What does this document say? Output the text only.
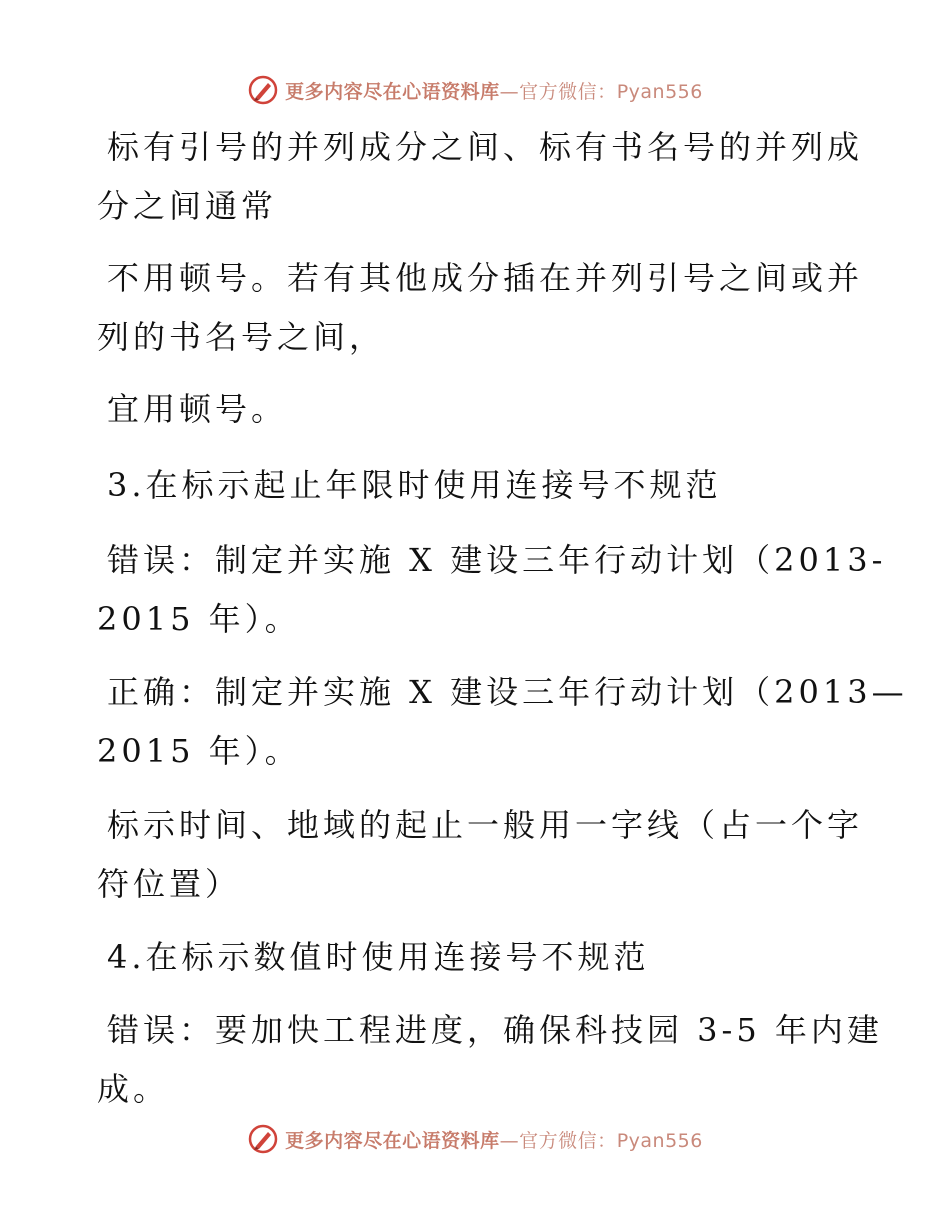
更多内容尽在心语资料库—官方微信：Pyan556
标有引号的并列成分之间、标有书名号的并列成
分之间通常
不用顿号。若有其他成分插在并列引号之间或并
列的书名号之间，
宜用顿号。
3.在标示起止年限时使用连接号不规范
错误：制定并实施 X 建设三年行动计划（2013-
2015 年）。
正确：制定并实施 X 建设三年行动计划（2013—
2015 年）。
标示时间、地域的起止一般用一字线（占一个字
符位置）
4.在标示数值时使用连接号不规范
错误：要加快工程进度，确保科技园 3-5 年内建
成。
更多内容尽在心语资料库—官方微信：Pyan556
